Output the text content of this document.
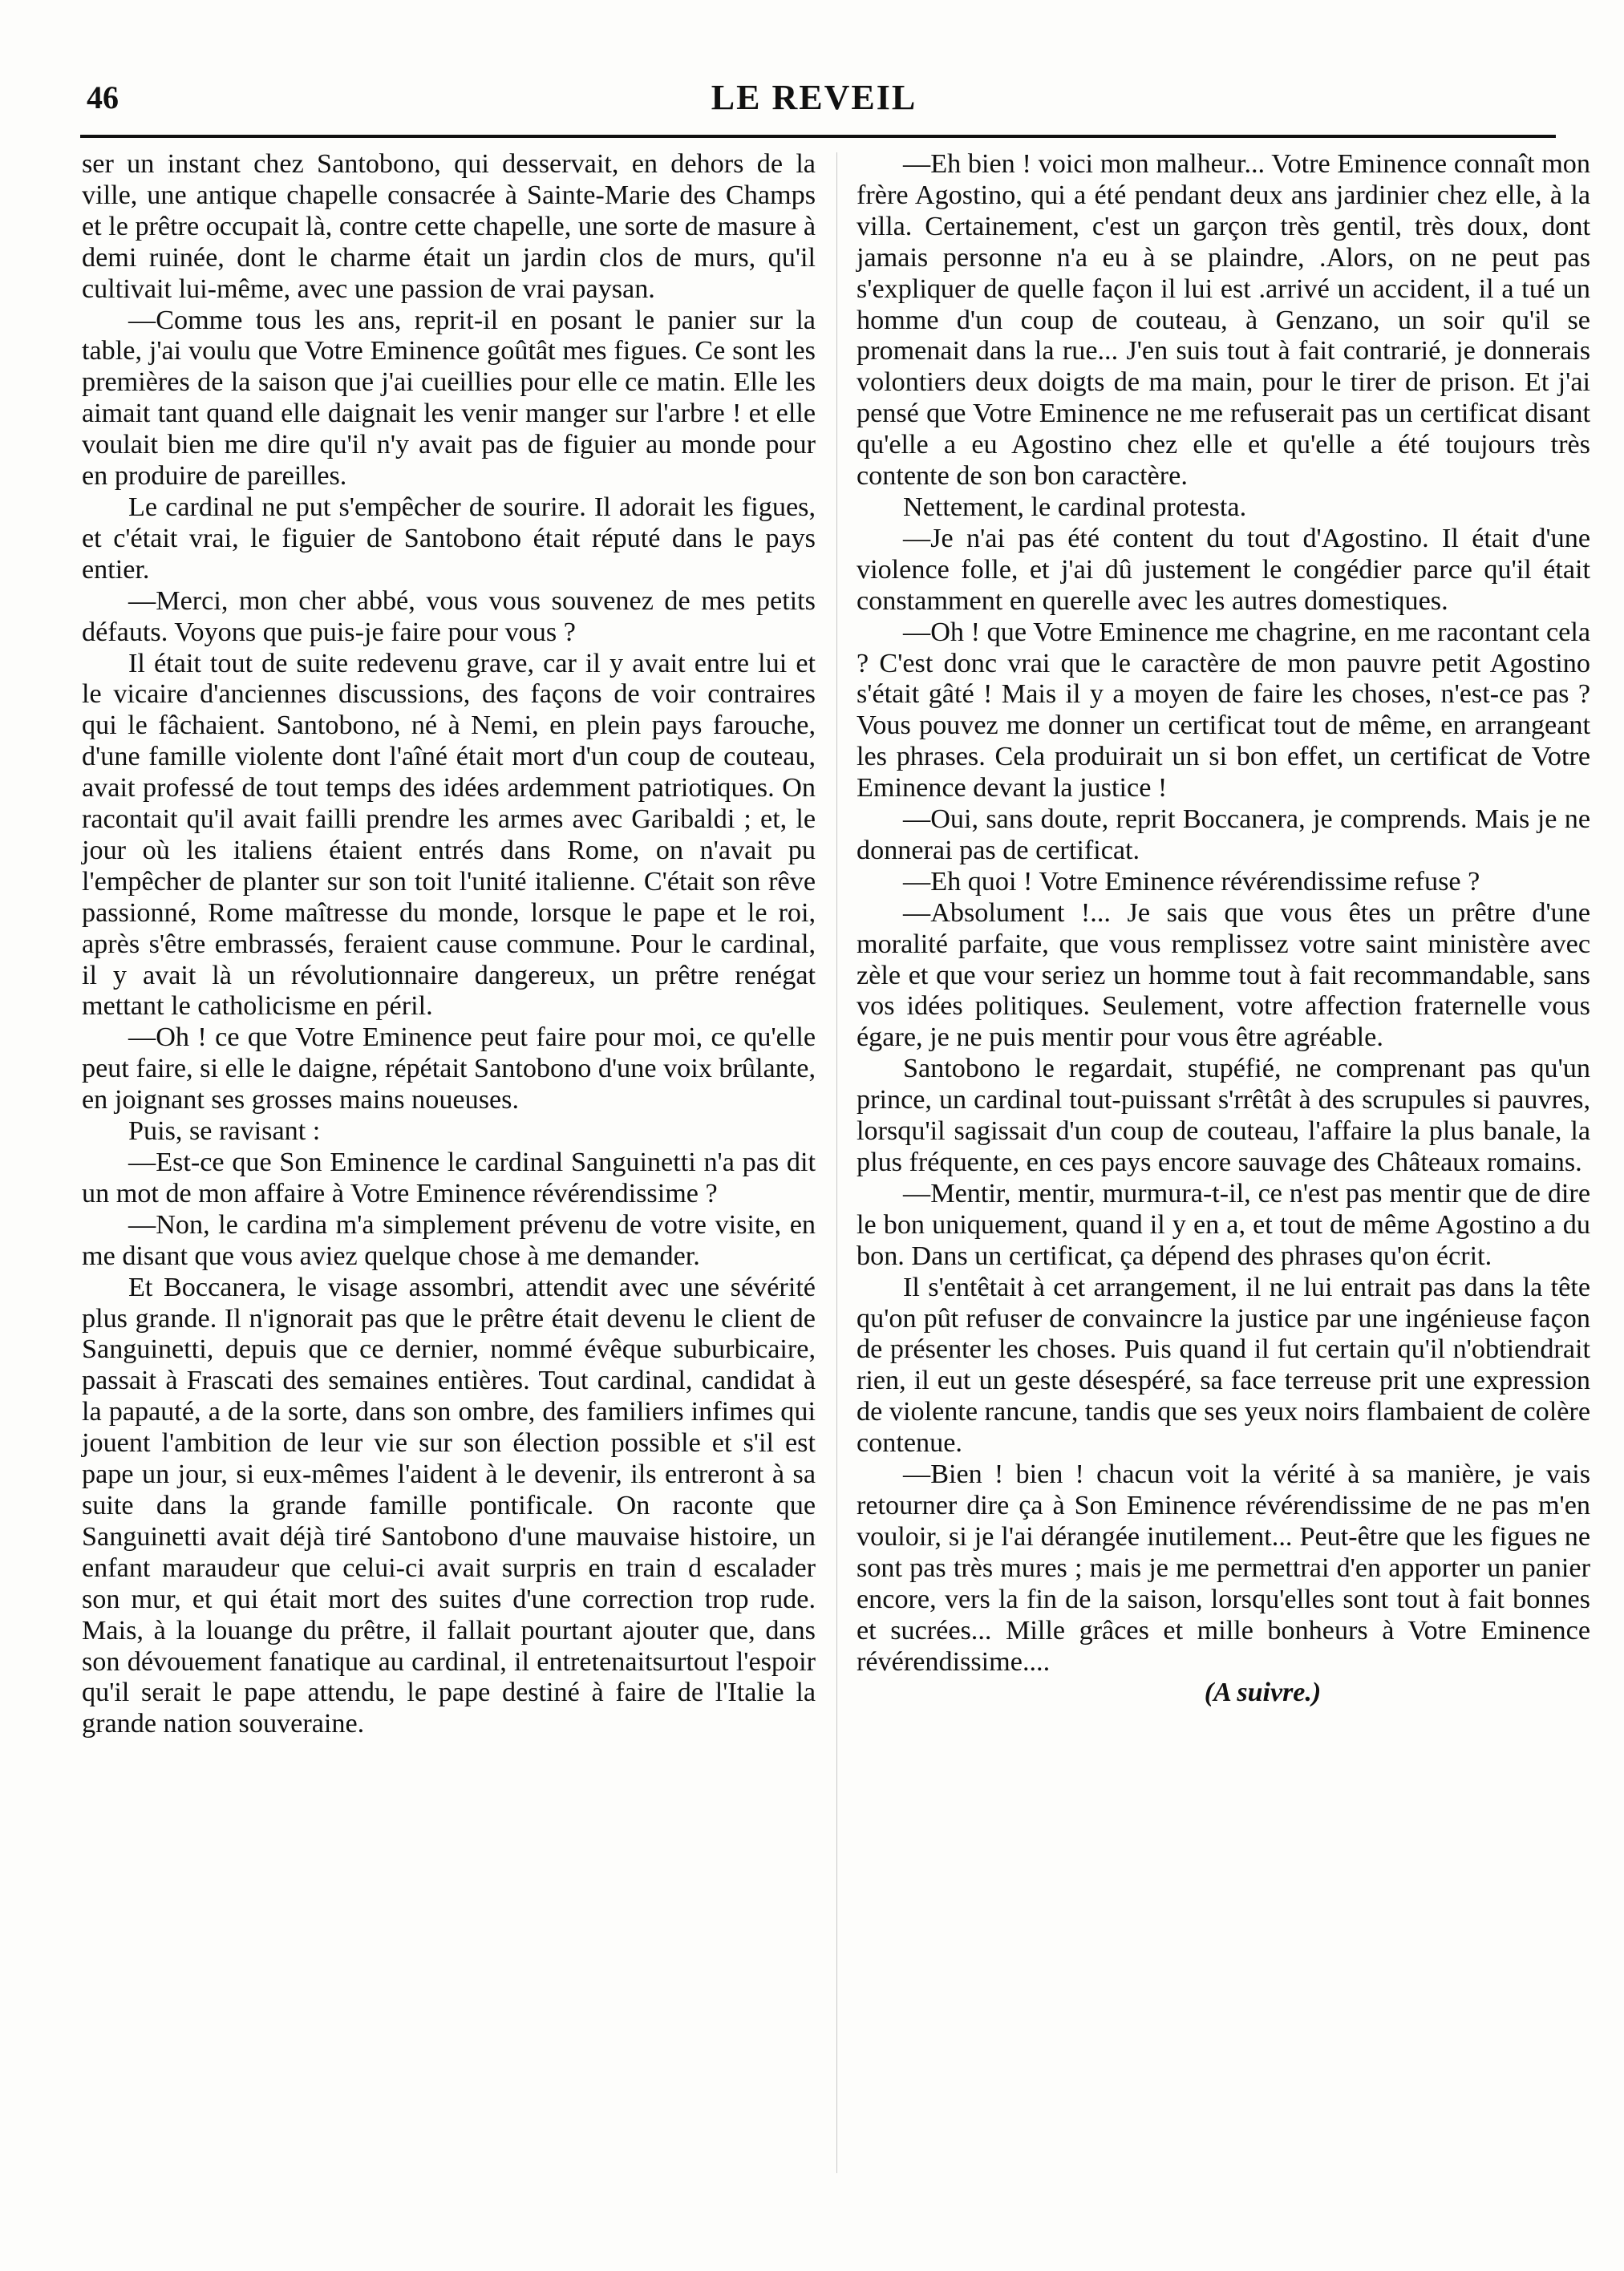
46	LE REVEIL

ser un instant chez Santobono, qui desservait, en dehors de la ville, une antique chapelle consacrée à Sainte-Marie des Champs et le prêtre occupait là, contre cette chapelle, une sorte de masure à demi ruinée, dont le charme était un jardin clos de murs, qu'il cultivait lui-même, avec une passion de vrai paysan.

—Comme tous les ans, reprit-il en posant le panier sur la table, j'ai voulu que Votre Eminence goûtât mes figues. Ce sont les premières de la saison que j'ai cueillies pour elle ce matin. Elle les aimait tant quand elle daignait les venir manger sur l'arbre ! et elle voulait bien me dire qu'il n'y avait pas de figuier au monde pour en produire de pareilles.

Le cardinal ne put s'empêcher de sourire. Il adorait les figues, et c'était vrai, le figuier de Santobono était réputé dans le pays entier.

—Merci, mon cher abbé, vous vous souvenez de mes petits défauts. Voyons que puis-je faire pour vous ?

Il était tout de suite redevenu grave, car il y avait entre lui et le vicaire d'anciennes discussions, des façons de voir contraires qui le fâchaient. Santobono, né à Nemi, en plein pays farouche, d'une famille violente dont l'aîné était mort d'un coup de couteau, avait professé de tout temps des idées ardemment patriotiques. On racontait qu'il avait failli prendre les armes avec Garibaldi ; et, le jour où les italiens étaient entrés dans Rome, on n'avait pu l'empêcher de planter sur son toit l'unité italienne. C'était son rêve passionné, Rome maîtresse du monde, lorsque le pape et le roi, après s'être embrassés, feraient cause commune. Pour le cardinal, il y avait là un révolutionnaire dangereux, un prêtre renégat mettant le catholicisme en péril.

—Oh ! ce que Votre Eminence peut faire pour moi, ce qu'elle peut faire, si elle le daigne, répétait Santobono d'une voix brûlante, en joignant ses grosses mains noueuses.

Puis, se ravisant :

—Est-ce que Son Eminence le cardinal Sanguinetti n'a pas dit un mot de mon affaire à Votre Eminence révérendissime ?

—Non, le cardina m'a simplement prévenu de votre visite, en me disant que vous aviez quelque chose à me demander.

Et Boccanera, le visage assombri, attendit avec une sévérité plus grande. Il n'ignorait pas que le prêtre était devenu le client de Sanguinetti, depuis que ce dernier, nommé évêque suburbicaire, passait à Frascati des semaines entières. Tout cardinal, candidat à la papauté, a de la sorte, dans son ombre, des familiers infimes qui jouent l'ambition de leur vie sur son élection possible et s'il est pape un jour, si eux-mêmes l'aident à le devenir, ils entreront à sa suite dans la grande famille pontificale. On raconte que Sanguinetti avait déjà tiré Santobono d'une mauvaise histoire, un enfant maraudeur que celui-ci avait surpris en train d escalader son mur, et qui était mort des suites d'une correction trop rude. Mais, à la louange du prêtre, il fallait pourtant ajouter que, dans son dévouement fanatique au cardinal, il entretenaitsurtout l'espoir qu'il serait le pape attendu, le pape destiné à faire de l'Italie la grande nation souveraine.

—Eh bien ! voici mon malheur... Votre Eminence connaît mon frère Agostino, qui a été pendant deux ans jardinier chez elle, à la villa. Certainement, c'est un garçon très gentil, très doux, dont jamais personne n'a eu à se plaindre, .Alors, on ne peut pas s'expliquer de quelle façon il lui est .arrivé un accident, il a tué un homme d'un coup de couteau, à Genzano, un soir qu'il se promenait dans la rue... J'en suis tout à fait contrarié, je donnerais volontiers deux doigts de ma main, pour le tirer de prison. Et j'ai pensé que Votre Eminence ne me refuserait pas un certificat disant qu'elle a eu Agostino chez elle et qu'elle a été toujours très contente de son bon caractère.

Nettement, le cardinal protesta.

—Je n'ai pas été content du tout d'Agostino. Il était d'une violence folle, et j'ai dû justement le congédier parce qu'il était constamment en querelle avec les autres domestiques.

—Oh ! que Votre Eminence me chagrine, en me racontant cela ? C'est donc vrai que le caractère de mon pauvre petit Agostino s'était gâté ! Mais il y a moyen de faire les choses, n'est-ce pas ? Vous pouvez me donner un certificat tout de même, en arrangeant les phrases. Cela produirait un si bon effet, un certificat de Votre Eminence devant la justice !

—Oui, sans doute, reprit Boccanera, je comprends. Mais je ne donnerai pas de certificat.

—Eh quoi ! Votre Eminence révérendissime refuse ?

—Absolument !... Je sais que vous êtes un prêtre d'une moralité parfaite, que vous remplissez votre saint ministère avec zèle et que vour seriez un homme tout à fait recommandable, sans vos idées politiques. Seulement, votre affection fraternelle vous égare, je ne puis mentir pour vous être agréable.

Santobono le regardait, stupéfié, ne comprenant pas qu'un prince, un cardinal tout-puissant s'rrêtât à des scrupules si pauvres, lorsqu'il sagissait d'un coup de couteau, l'affaire la plus banale, la plus fréquente, en ces pays encore sauvage des Châteaux romains.

—Mentir, mentir, murmura-t-il, ce n'est pas mentir que de dire le bon uniquement, quand il y en a, et tout de même Agostino a du bon. Dans un certificat, ça dépend des phrases qu'on écrit.

Il s'entêtait à cet arrangement, il ne lui entrait pas dans la tête qu'on pût refuser de convaincre la justice par une ingénieuse façon de présenter les choses. Puis quand il fut certain qu'il n'obtiendrait rien, il eut un geste désespéré, sa face terreuse prit une expression de violente rancune, tandis que ses yeux noirs flambaient de colère contenue.

—Bien ! bien ! chacun voit la vérité à sa manière, je vais retourner dire ça à Son Eminence révérendissime de ne pas m'en vouloir, si je l'ai dérangée inutilement... Peut-être que les figues ne sont pas très mures ; mais je me permettrai d'en apporter un panier encore, vers la fin de la saison, lorsqu'elles sont tout à fait bonnes et sucrées... Mille grâces et mille bonheurs à Votre Eminence révérendissime....

(A suivre.)
